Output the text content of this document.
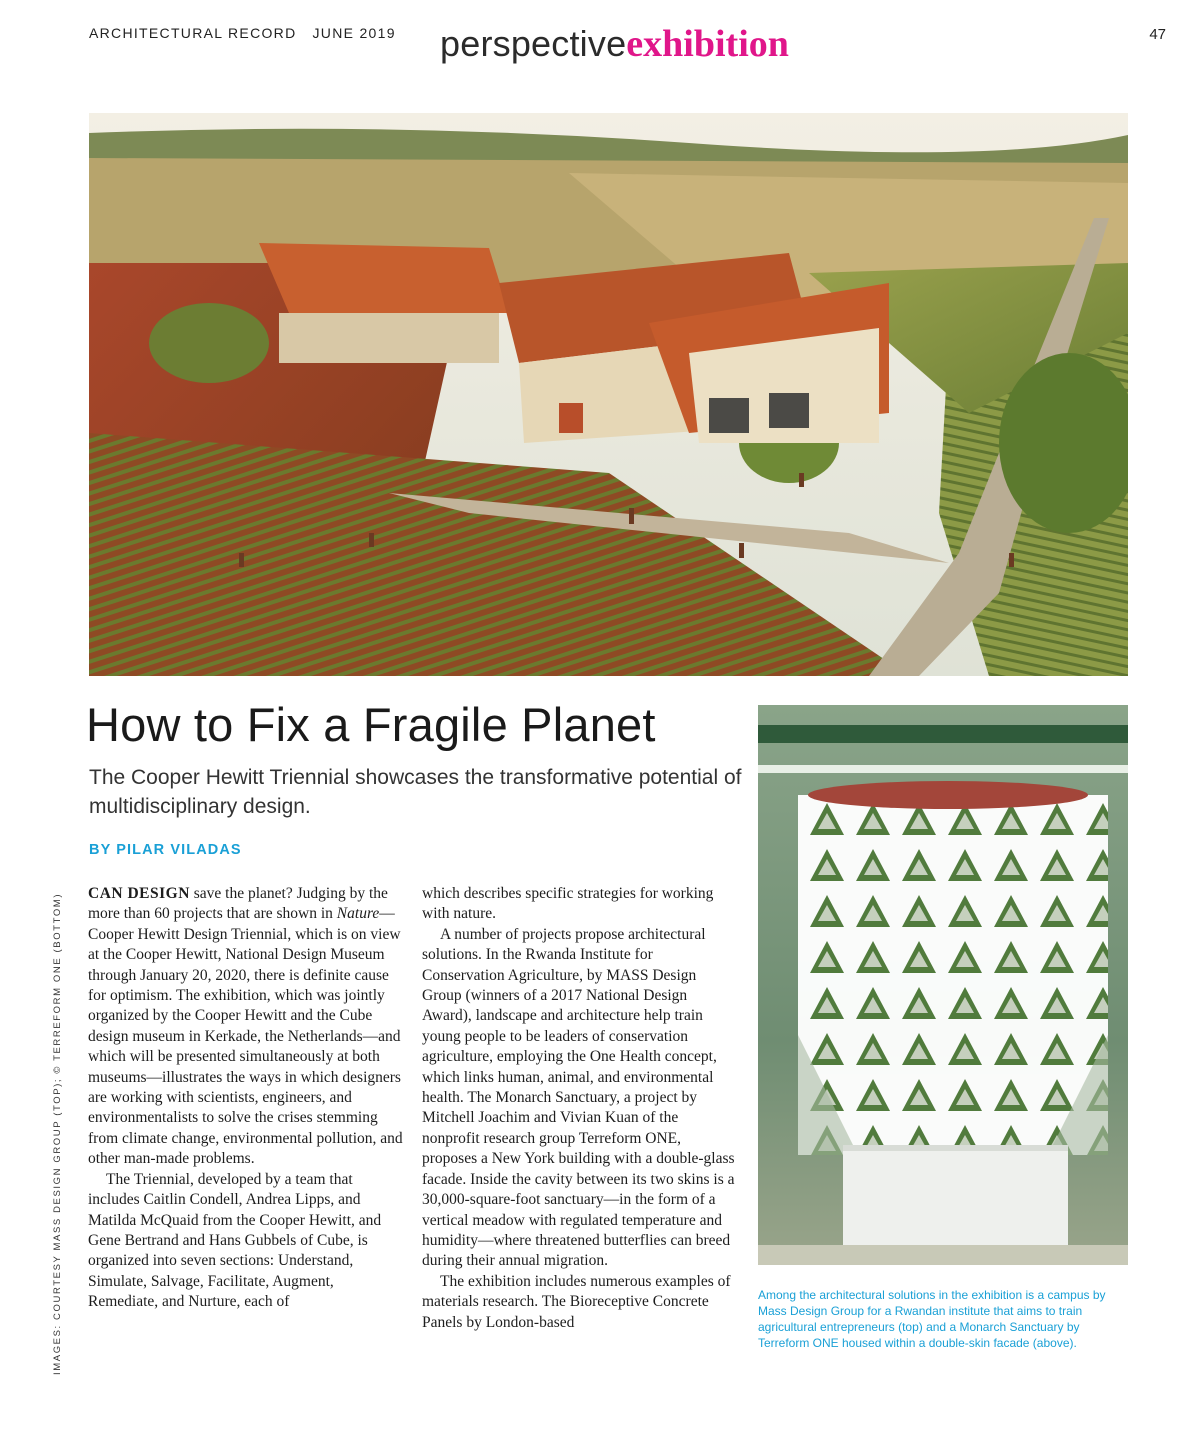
ARCHITECTURAL RECORD JUNE 2019 perspectiveexhibition	47
How to Fix a Fragile Planet

The Cooper Hewitt Triennial showcases the transformative potential of multidisciplinary design.

BY PILAR VILADAS
IMAGES: COURTESY MASS DESIGN GROUP (TOP); © TERREFORM ONE (BOTTOM) CAN DESIGN save the planet? Judging by the more than 60 projects that are shown in Nature—Cooper Hewitt Design Triennial, which is on view at the Cooper Hewitt, National Design Museum through January 20, 2020, there is definite cause for optimism. The exhibition, which was jointly organized by the Cooper Hewitt and the Cube design museum in Kerkade, the Netherlands—and which will be presented simultaneously at both museums—illustrates the ways in which designers are working with scientists, engineers, and environmentalists to solve the crises stemming from climate change, environmental pollution, and other man-made problems.

The Triennial, developed by a team that includes Caitlin Condell, Andrea Lipps, and Matilda McQuaid from the Cooper Hewitt, and Gene Bertrand and Hans Gubbels of Cube, is organized into seven sections: Understand, Simulate, Salvage, Facilitate, Augment, Remediate, and Nurture, each of

which describes specific strategies for working with nature.

A number of projects propose architectural solutions. In the Rwanda Institute for Conservation Agriculture, by MASS Design Group (winners of a 2017 National Design Award), landscape and architecture help train young people to be leaders of conservation agriculture, employing the One Health concept, which links human, animal, and environmental health. The Monarch Sanctuary, a project by Mitchell Joachim and Vivian Kuan of the nonprofit research group Terreform ONE, proposes a New York building with a double-glass facade. Inside the cavity between its two skins is a 30,000-square-foot sanctuary—in the form of a vertical meadow with regulated temperature and humidity—where threatened butterflies can breed during their annual migration.

The exhibition includes numerous examples of materials research. The Bioreceptive Concrete Panels by London-based

Among the architectural solutions in the exhibition is a campus by Mass Design Group for a Rwandan institute that aims to train agricultural entrepreneurs (top) and a Monarch Sanctuary by Terreform ONE housed within a double-skin facade (above).
